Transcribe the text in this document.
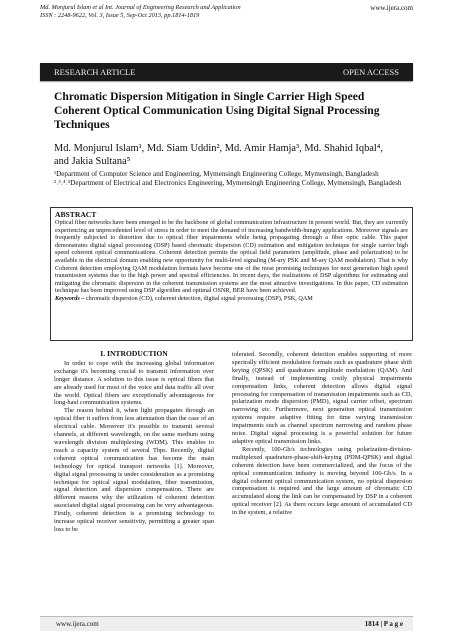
Md. Monjurul Islam et al Int. Journal of Engineering Research and Application
ISSN : 2248-9622, Vol. 3, Issue 5, Sep-Oct 2013, pp.1814-1819
www.ijera.com
RESEARCH ARTICLE	OPEN ACCESS
Chromatic Dispersion Mitigation in Single Carrier High Speed Coherent Optical Communication Using Digital Signal Processing Techniques
Md. Monjurul Islam¹, Md. Siam Uddin², Md. Amir Hamja³, Md. Shahid Iqbal⁴,
and Jakia Sultana⁵
¹Department of Computer Science and Engineering, Mymensingh Engineering College, Mymensingh, Bangladesh
²˒³˒⁴˒⁵Department of Electrical and Electronics Engineering, Mymensingh Engineering College, Mymensingh, Bangladesh
ABSTRACT

Optical fiber networks have been emerged to be the backbone of global communication infrastructure in present world. But, they are currently experiencing an unprecedented level of stress in order to meet the demand of increasing bandwidth-hungry applications. Moreover signals are frequently subjected to distortion due to optical fiber impairments while being propagating through a fiber optic cable. This paper demonstrates digital signal processing (DSP) based chromatic dispersion (CD) estimation and mitigation technique for single carrier high speed coherent optical communications. Coherent detection permits the optical field parameters (amplitude, phase and polarization) to be available in the electrical domain enabling new opportunity for multi-level signaling (M-ary PSK and M-ary QAM modulation). That is why Coherent detection employing QAM modulation formats have become one of the most promising techniques for next generation high speed transmission systems due to the high power and spectral efficiencies. In recent days, the realizations of DSP algorithms for estimating and mitigating the chromatic dispersion in the coherent transmission systems are the most attractive investigations. In this paper, CD estimation technique has been improved using DSP algorithm and optimal OSNR, BER have been achieved.

Keywords – chromatic dispersion (CD), coherent detection, digital signal processing (DSP), PSK, QAM

I. INTRODUCTION

In order to cope with the increasing global information exchange it's becoming crucial to transmit information over longer distance. A solution to this issue is optical fibers that are already used for most of the voice and data traffic all over the world. Optical fibers are exceptionally advantageous for long-haul communication systems.

The reason behind it, when light propagates through an optical fiber it suffers from less attenuation than the case of an electrical cable. Moreover it's possible to transmit several channels, at different wavelength, on the same medium using wavelength division multiplexing (WDM). This enables to reach a capacity system of several Tbps. Recently, digital coherent optical communication has become the main technology for optical transport networks [1]. Moreover, digital signal processing is under consideration as a promising technique for optical signal modulation, fiber transmission, signal detection and dispersion compensation. There are different reasons why the utilization of coherent detection associated digital signal processing can be very advantageous. Firstly, coherent detection is a promising technology to increase optical receiver sensitivity, permitting a greater span loss to be

tolerated. Secondly, coherent detection enables supporting of more spectrally efficient modulation formats such as quadrature phase shift keying (QPSK) and quadrature amplitude modulation (QAM). And finally, instead of implementing costly physical impairments compensation links, coherent detection allows digital signal processing for compensation of transmission impairments such as CD, polarization mode dispersion (PMD), signal carrier offset, spectrum narrowing etc. Furthermore, next generation optical transmission systems require adaptive fitting for time varying transmission impairments such as channel spectrum narrowing and random phase noise. Digital signal processing is a powerful solution for future adaptive optical transmission links.

Recently, 100-Gb/s technologies using polarization-division-multiplexed quadrature-phase-shift-keying (PDM-QPSK) and digital coherent detection have been commercialized, and the focus of the optical communication industry is moving beyond 100-Gb/s. In a digital coherent optical communication system, no optical dispersion compensation is required and the large amount of chromatic CD accumulated along the link can be compensated by DSP in a coherent optical receiver [2]. As there occurs large amount of accumulated CD in the system, a relative

www.ijera.com	1814 | P a g e
